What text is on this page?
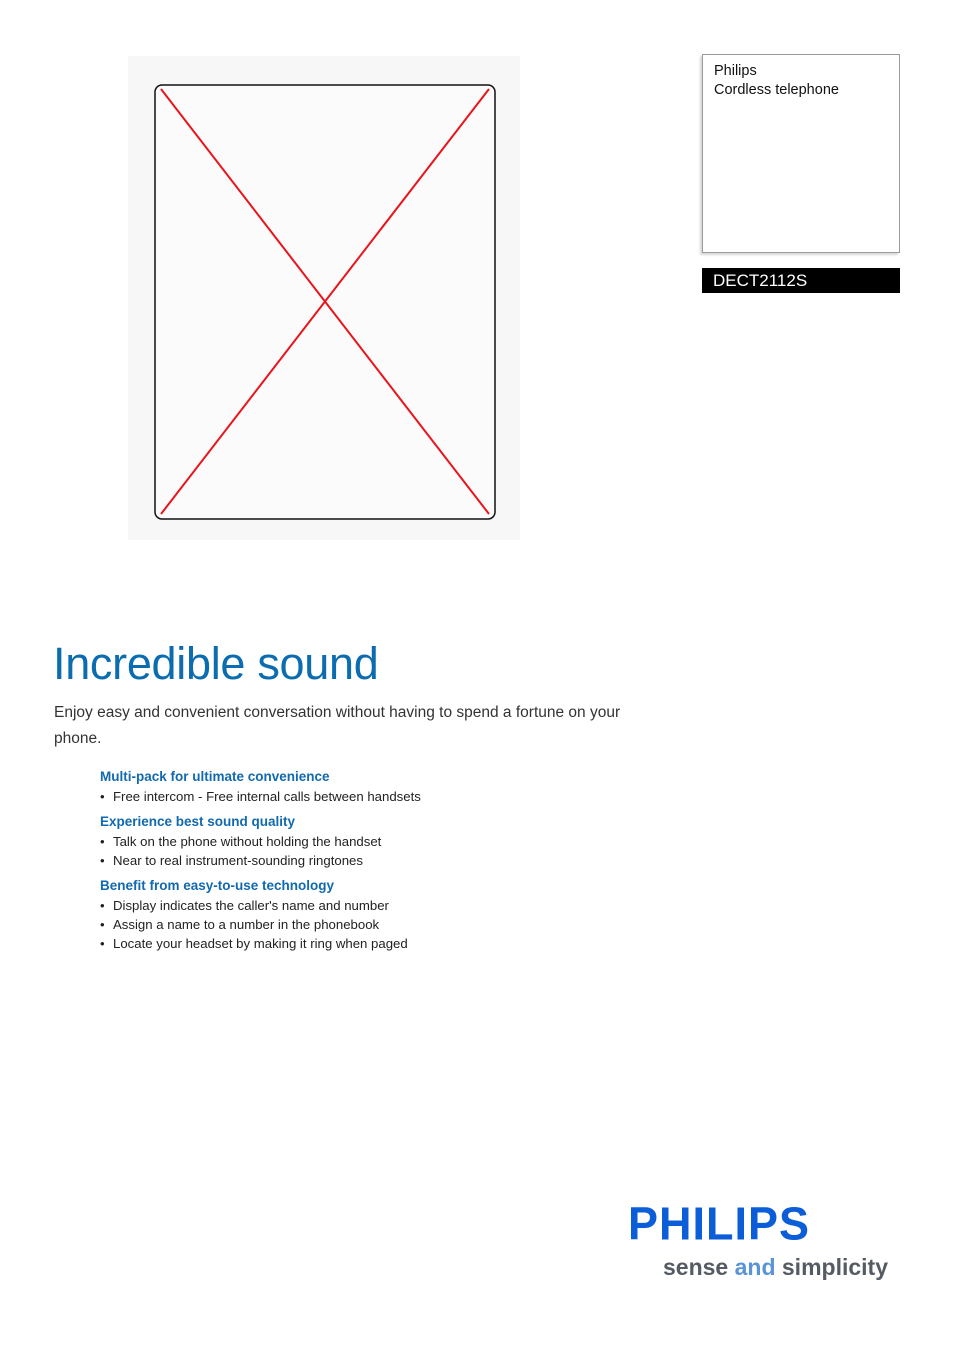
Philips
Cordless telephone
DECT2112S
Incredible sound

Enjoy easy and convenient conversation without having to spend a fortune on your phone.

Multi-pack for ultimate convenience
• Free intercom - Free internal calls between handsets
Experience best sound quality
• Talk on the phone without holding the handset
• Near to real instrument-sounding ringtones
Benefit from easy-to-use technology
• Display indicates the caller's name and number
• Assign a name to a number in the phonebook
• Locate your headset by making it ring when paged
PHILIPS
sense and simplicity
